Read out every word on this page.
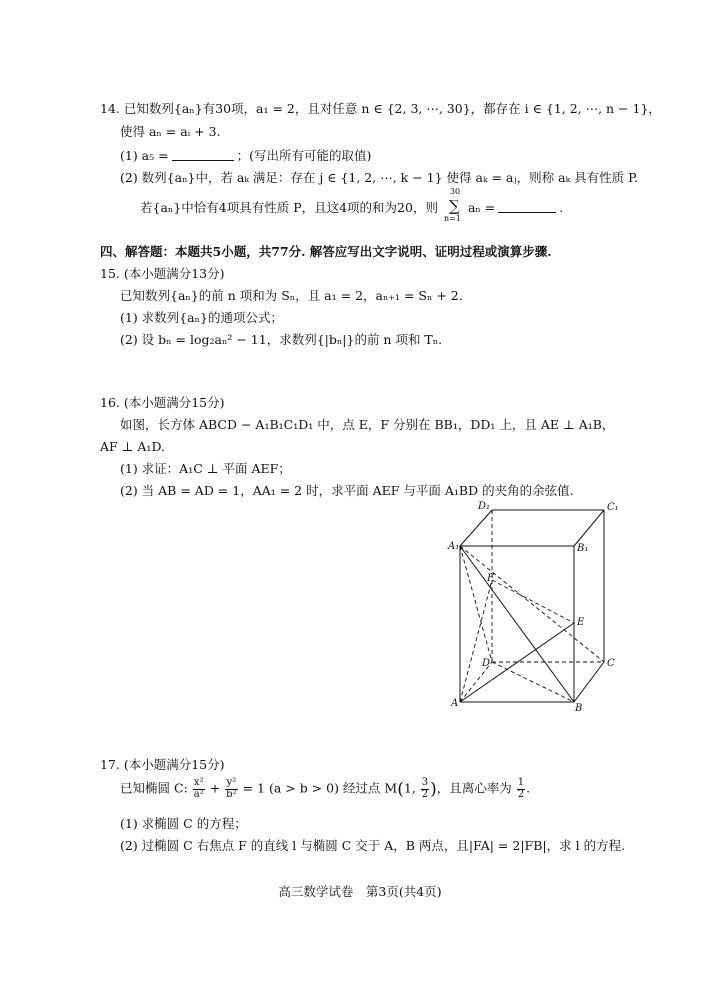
14. 已知数列{aₙ}有30项，a₁ = 2，且对任意 n ∈ {2, 3, ⋯, 30}，都存在 i ∈ {1, 2, ⋯, n − 1}，
使得 aₙ = aᵢ + 3.
(1) a₅ =	；(写出所有可能的取值)
(2) 数列{aₙ}中，若 aₖ 满足：存在 j ∈ {1, 2, ⋯, k − 1} 使得 aₖ = aⱼ，则称 aₖ 具有性质 P.
若{aₙ}中恰有4项具有性质 P，且这4项的和为20，则
30
∑
n=1
aₙ =	.
四、解答题：本题共5小题，共77分. 解答应写出文字说明、证明过程或演算步骤.
15. (本小题满分13分)
已知数列{aₙ}的前 n 项和为 Sₙ，且 a₁ = 2，aₙ₊₁ = Sₙ + 2.
(1) 求数列{aₙ}的通项公式；
(2) 设 bₙ = log₂aₙ² − 11，求数列{|bₙ|}的前 n 项和 Tₙ.
16. (本小题满分15分)
如图，长方体 ABCD − A₁B₁C₁D₁ 中，点 E，F 分别在 BB₁，DD₁ 上，且 AE ⊥ A₁B，
AF ⊥ A₁D.
(1) 求证：A₁C ⊥ 平面 AEF；
(2) 当 AB = AD = 1，AA₁ = 2 时，求平面 AEF 与平面 A₁BD 的夹角的余弦值.
A₁
D₁	C₁
B₁
F
E
D	C
A	B
17. (本小题满分15分)
已知椭圆 C: $\frac{\text{x²}}{\text{a²}} + \frac{\text{y²}}{\text{b²}} = 1$ (a > b > 0) 经过点 M(1, $\frac{3}{2}$ )，且离心率为 $\frac{1}{2}$ .
(1) 求椭圆 C 的方程；
(2) 过椭圆 C 右焦点 F 的直线 l 与椭圆 C 交于 A，B 两点，且|FA| = 2|FB|，求 l 的方程.
高三数学试卷　第3页(共4页)
